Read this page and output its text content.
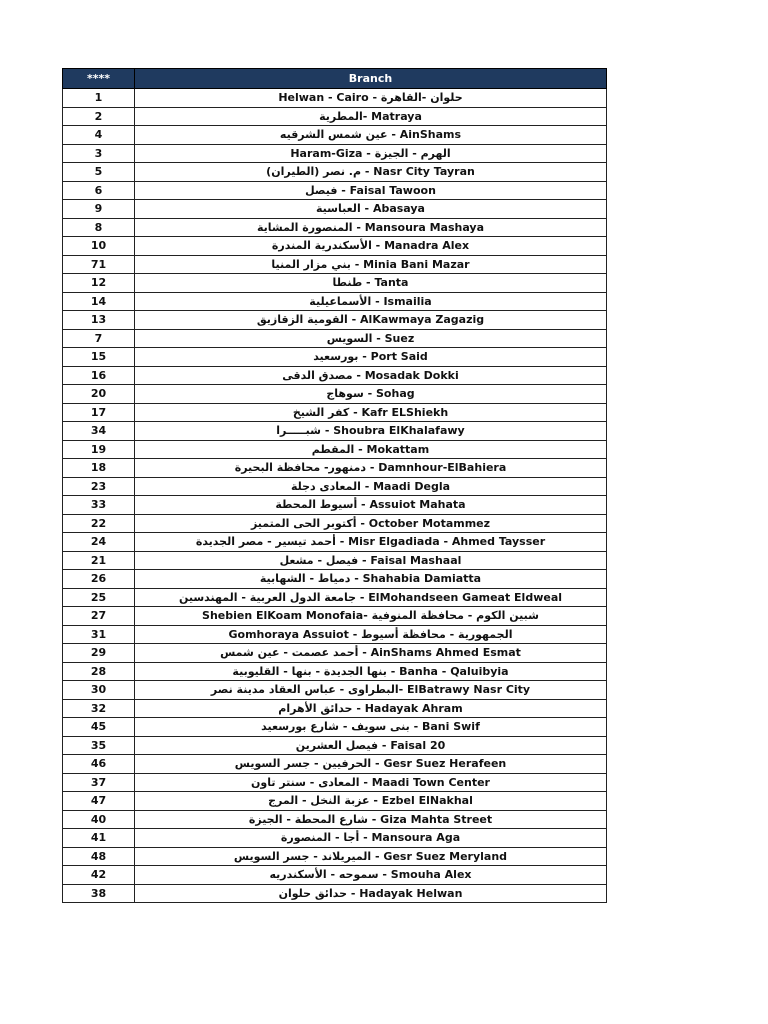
****	Branch
1	Helwan - Cairo - حلوان -القاهرة
2	المطرية- Matraya
4	عين شمس الشرقيه - AinShams
3	Haram-Giza - الهرم - الجيزة
5	م. نصر (الطيران) - Nasr City Tayran
6	فيصل - Faisal Tawoon
9	العباسية - Abasaya
8	المنصورة المشاية - Mansoura Mashaya
10	الأسكندرية المندرة - Manadra Alex
71	بني مزار المنيا - Minia Bani Mazar
12	طنطا - Tanta
14	الأسماعيلية - Ismailia
13	القومية الزقازيق - AlKawmaya Zagazig
7	السويس - Suez
15	بورسعيد - Port Said
16	مصدق الدقى - Mosadak Dokki
20	سوهاج - Sohag
17	كفر الشيخ - Kafr ELShiekh
34	شبـــــرا - Shoubra ElKhalafawy
19	المقطم - Mokattam
18	دمنهور- محافظة البحيرة - Damnhour-ElBahiera
23	المعادى دجلة - Maadi Degla
33	أسيوط المحطة - Assuiot Mahata
22	أكتوبر الحى المتميز - October Motammez
24	أحمد تيسير - مصر الجديدة - Misr Elgadiada - Ahmed Taysser
21	فيصل - مشعل - Faisal Mashaal
26	دمياط - الشهابية - Shahabia Damiatta
25	جامعة الدول العربية - المهندسين - ElMohandseen Gameat Eldweal
27	Shebien ElKoam Monofaia- شبين الكوم - محافظة المنوفية
31	Gomhoraya Assuiot - الجمهورية - محافظة أسيوط
29	أحمد عصمت - عين شمس - AinShams Ahmed Esmat
28	بنها الجديدة - بنها - القليوبية - Banha - Qaluibyia
30	البطراوى - عباس العقاد مدينة نصر- ElBatrawy Nasr City
32	حدائق الأهرام - Hadayak Ahram
45	بنى سويف - شارع بورسعيد - Bani Swif
35	فيصل العشرين - Faisal 20
46	الحرفيين - جسر السويس - Gesr Suez Herafeen
37	المعادى - سنتر تاون - Maadi Town Center
47	عزبة النخل - المرج - Ezbel ElNakhal
40	شارع المحطة - الجيزة - Giza Mahta Street
41	أجا - المنصورة - Mansoura Aga
48	الميريلاند - جسر السويس - Gesr Suez Meryland
42	سموحه - الأسكندريه - Smouha Alex
38	حدائق حلوان - Hadayak Helwan
